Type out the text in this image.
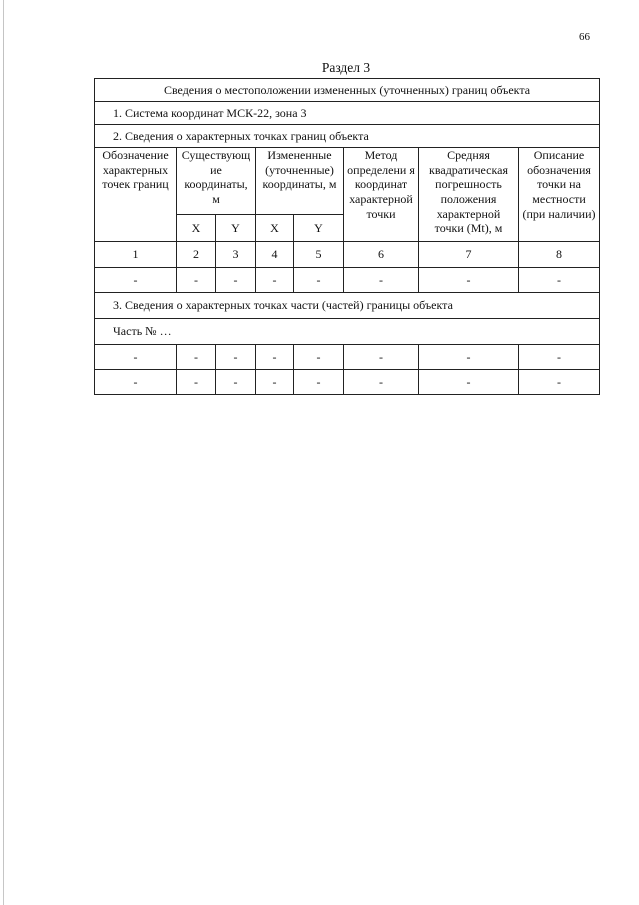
66
Раздел 3
Сведения о местоположении измененных (уточненных) границ объекта							
1. Система координат МСК-22, зона 3							
2. Сведения о характерных точках границ объекта							
Обозначение характерных точек границ	Существующ ие координаты, м		Измененные (уточненные) координаты, м		Метод определени я координат характерной точки	Средняя квадратическая погрешность положения характерной точки (Mt), м	Описание обозначения точки на местности (при наличии)
	X	Y	X	Y			
1	2	3	4	5	6	7	8
-	-	-	-	-	-	-	-
3. Сведения о характерных точках части (частей) границы объекта							
Часть № …							
-	-	-	-	-	-	-	-
-	-	-	-	-	-	-	-
